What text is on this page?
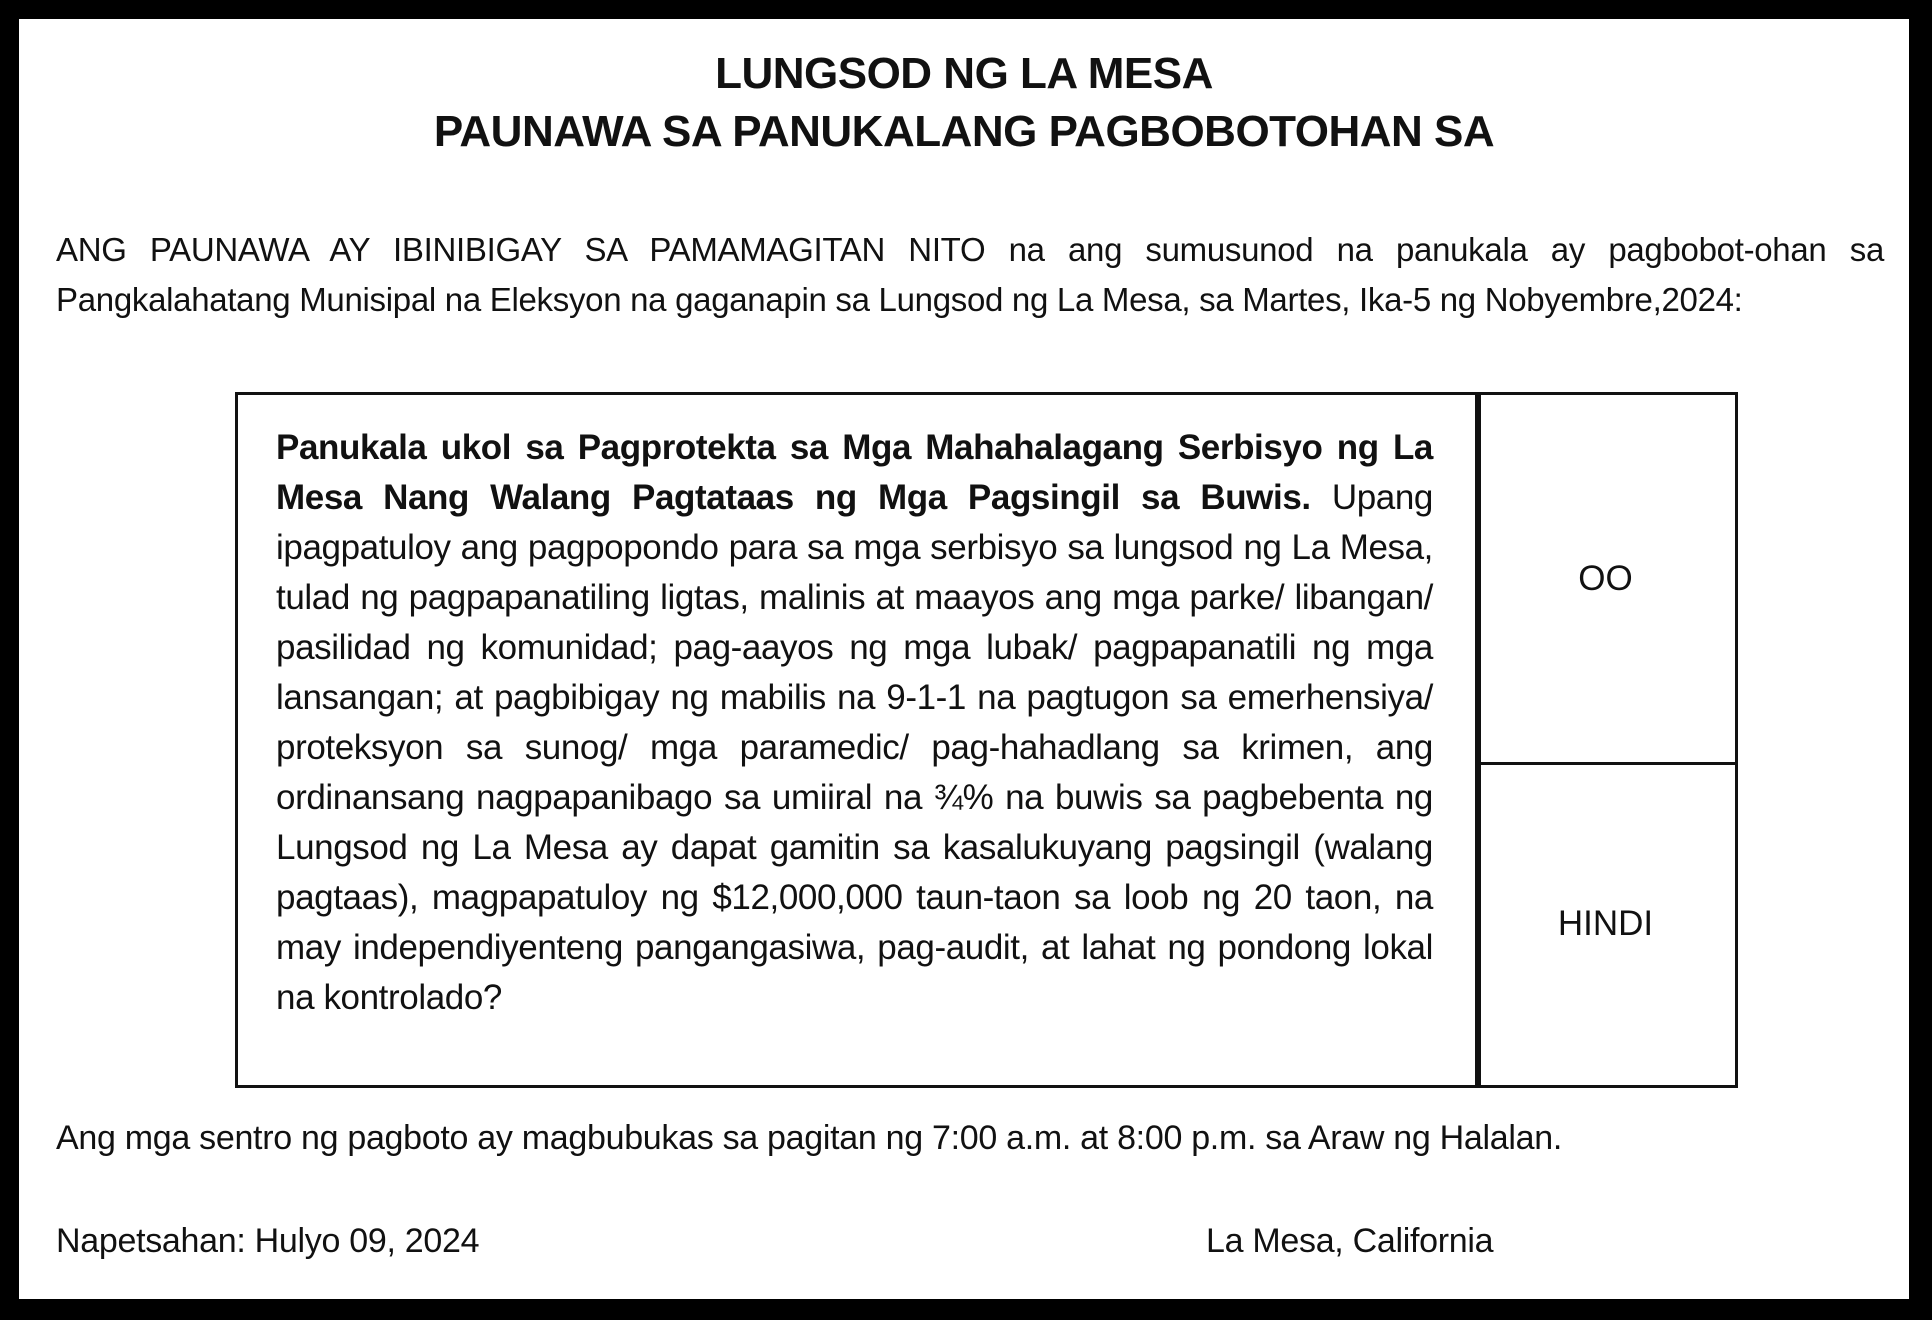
LUNGSOD NG LA MESA
PAUNAWA SA PANUKALANG PAGBOBOTOHAN SA
ANG PAUNAWA AY IBINIBIGAY SA PAMAMAGITAN NITO na ang sumusunod na panukala ay pagbobot-ohan sa Pangkalahatang Munisipal na Eleksyon na gaganapin sa Lungsod ng La Mesa, sa Martes, Ika-5 ng Nobyembre,2024:
Panukala ukol sa Pagprotekta sa Mga Mahahalagang Serbisyo ng La Mesa Nang Walang Pagtataas ng Mga Pagsingil sa Buwis. Upang ipagpatuloy ang pagpopondo para sa mga serbisyo sa lungsod ng La Mesa, tulad ng pagpapanatiling ligtas, malinis at maayos ang mga parke/ libangan/ pasilidad ng komunidad; pag-aayos ng mga lubak/ pagpapanatili ng mga lansangan; at pagbibigay ng mabilis na 9-1-1 na pagtugon sa emerhensiya/ proteksyon sa sunog/ mga paramedic/ pag-hahadlang sa krimen, ang ordinansang nagpapanibago sa umiiral na ¾% na buwis sa pagbebenta ng Lungsod ng La Mesa ay dapat gamitin sa kasalukuyang pagsingil (walang pagtaas), magpapatuloy ng $12,000,000 taun-taon sa loob ng 20 taon, na may independiyenteng pangangasiwa, pag-audit, at lahat ng pondong lokal na kontrolado?
OO
HINDI
Ang mga sentro ng pagboto ay magbubukas sa pagitan ng 7:00 a.m. at 8:00 p.m. sa Araw ng Halalan.
Napetsahan: Hulyo 09, 2024	La Mesa, California
